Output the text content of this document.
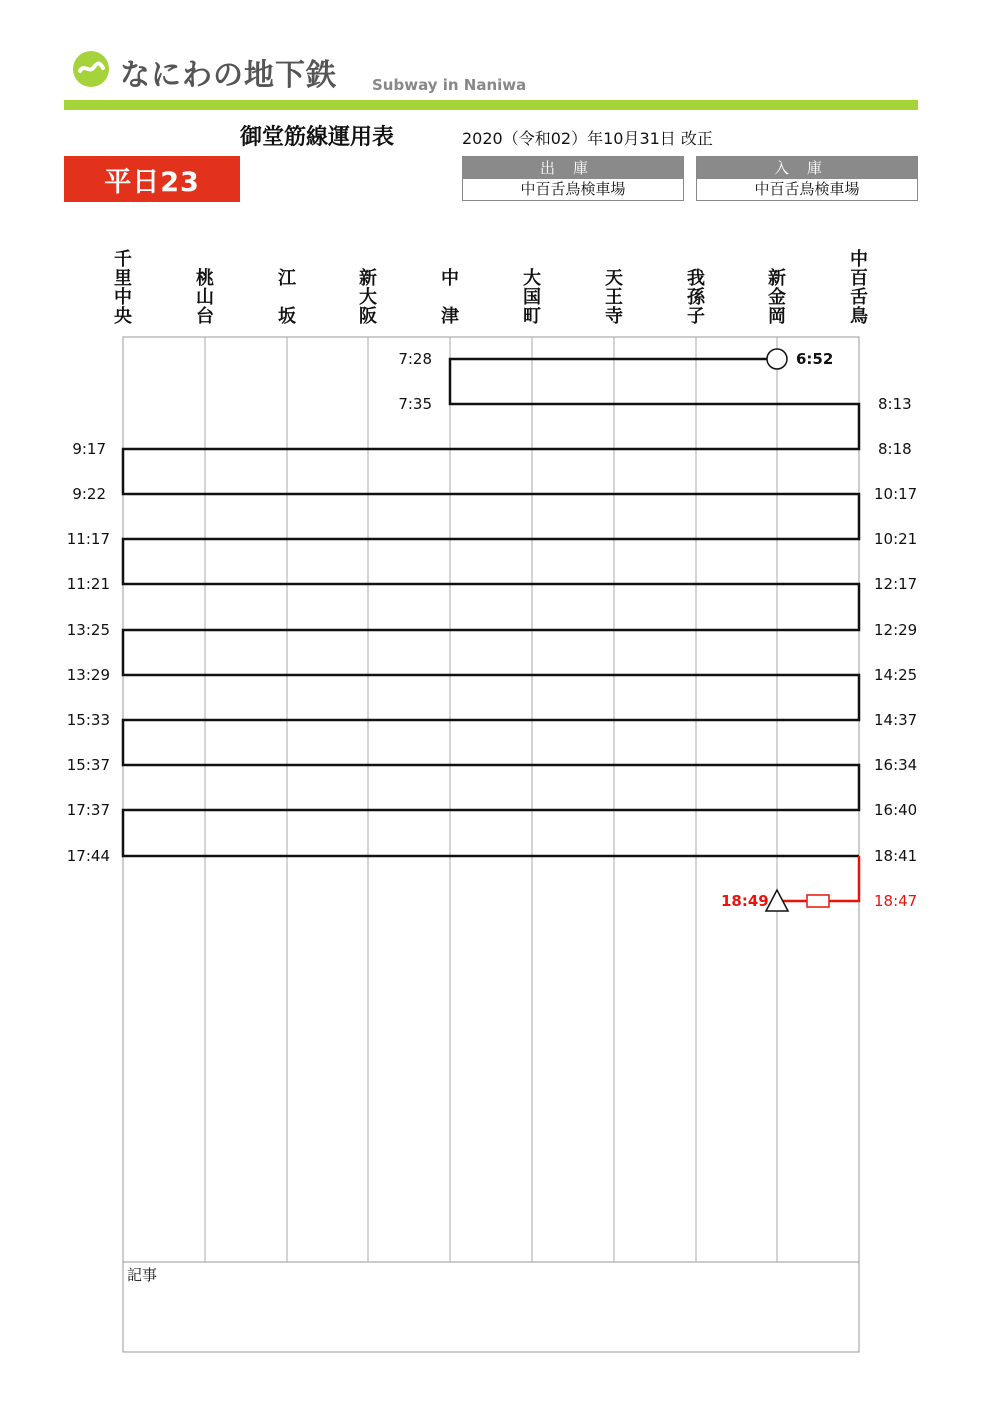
なにわの地下鉄 Subway in Naniwa
御堂筋線運用表	2020（令和02）年10月31日 改正
平日23	出庫
中百舌鳥検車場
入庫
中百舌鳥検車場
千
里
中
央
桃
山
台
江
坂
新
大
阪
中
津
大
国
町
天
王
寺
我
孫
子
新
金
岡
中
百
舌
鳥
6:52
7:28
7:35
9:17
9:22
11:17
11:21
13:25
13:29
15:33
15:37
17:37
17:44
8:13
8:18
10:17
10:21
12:17
12:29
14:25
14:37
16:34
16:40
18:41
18:47
18:49
記事
